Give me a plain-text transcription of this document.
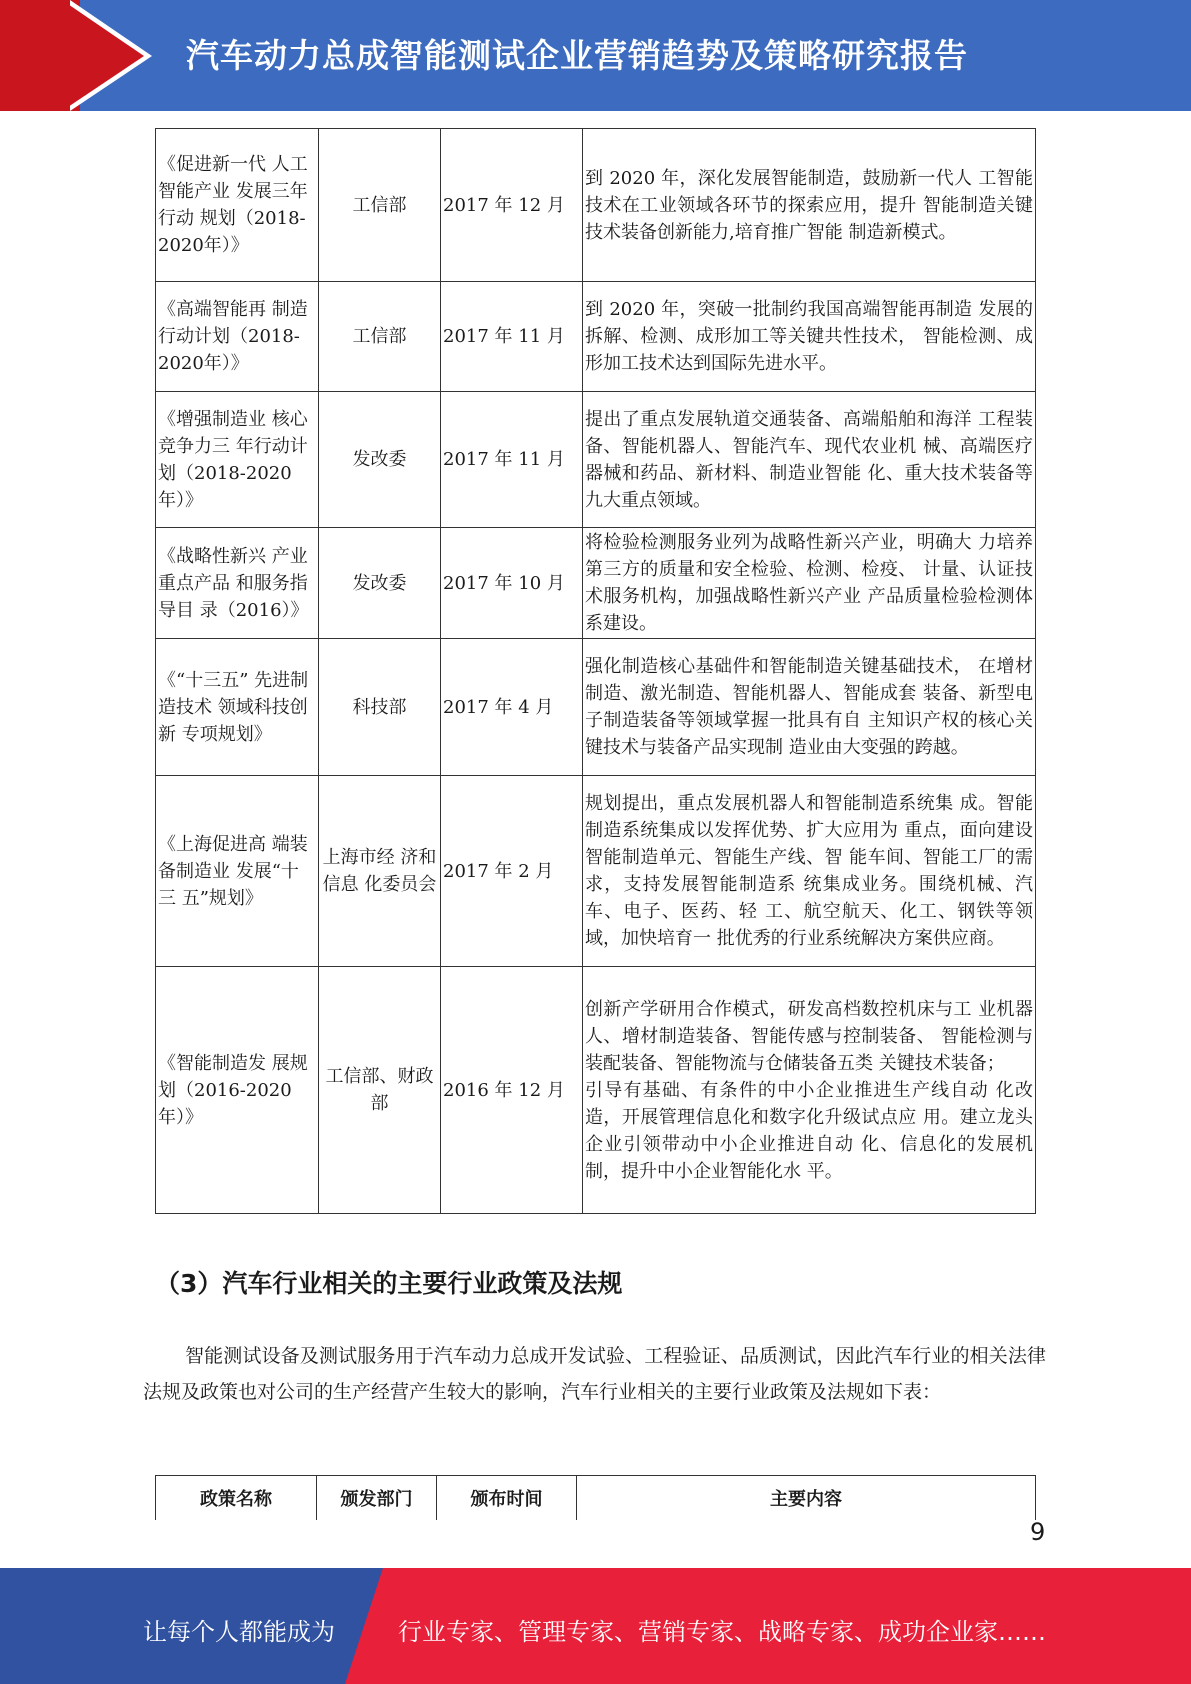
汽车动力总成智能测试企业营销趋势及策略研究报告
《促进新一代 人工智能产业 发展三年行动 规划（2018-2020年）》	工信部	2017 年 12 月	到 2020 年，深化发展智能制造，鼓励新一代人 工智能技术在工业领域各环节的探索应用，提升 智能制造关键技术装备创新能力,培育推广智能 制造新模式。
《高端智能再 制造行动计划（2018-2020年）》	工信部	2017 年 11 月	到 2020 年，突破一批制约我国高端智能再制造 发展的拆解、检测、成形加工等关键共性技术， 智能检测、成形加工技术达到国际先进水平。
《增强制造业 核心竞争力三 年行动计划（2018-2020年）》	发改委	2017 年 11 月	提出了重点发展轨道交通装备、高端船舶和海洋 工程装备、智能机器人、智能汽车、现代农业机 械、高端医疗器械和药品、新材料、制造业智能 化、重大技术装备等九大重点领域。
《战略性新兴 产业重点产品 和服务指导目 录（2016）》	发改委	2017 年 10 月	将检验检测服务业列为战略性新兴产业，明确大 力培养第三方的质量和安全检验、检测、检疫、 计量、认证技术服务机构，加强战略性新兴产业 产品质量检验检测体系建设。
《“十三五” 先进制造技术 领域科技创新 专项规划》	科技部	2017 年 4 月	强化制造核心基础件和智能制造关键基础技术， 在增材制造、激光制造、智能机器人、智能成套 装备、新型电子制造装备等领域掌握一批具有自 主知识产权的核心关键技术与装备产品实现制 造业由大变强的跨越。
《上海促进高 端装备制造业 发展“十三 五”规划》	上海市经 济和信息 化委员会	2017 年 2 月	规划提出，重点发展机器人和智能制造系统集 成。智能制造系统集成以发挥优势、扩大应用为 重点，面向建设智能制造单元、智能生产线、智 能车间、智能工厂的需求，支持发展智能制造系 统集成业务。围绕机械、汽车、电子、医药、轻 工、航空航天、化工、钢铁等领域，加快培育一 批优秀的行业系统解决方案供应商。
《智能制造发 展规划（2016-2020年）》	工信部、财政部	2016 年 12 月	创新产学研用合作模式，研发高档数控机床与工 业机器人、增材制造装备、智能传感与控制装备、 智能检测与装配装备、智能物流与仓储装备五类 关键技术装备；
引导有基础、有条件的中小企业推进生产线自动 化改造，开展管理信息化和数字化升级试点应 用。建立龙头企业引领带动中小企业推进自动 化、信息化的发展机制，提升中小企业智能化水 平。
（3）汽车行业相关的主要行业政策及法规
智能测试设备及测试服务用于汽车动力总成开发试验、工程验证、品质测试，因此汽车行业的相关法律法规及政策也对公司的生产经营产生较大的影响，汽车行业相关的主要行业政策及法规如下表：
政策名称	颁发部门	颁布时间	主要内容
9
让每个人都能成为	行业专家、管理专家、营销专家、战略专家、成功企业家……
